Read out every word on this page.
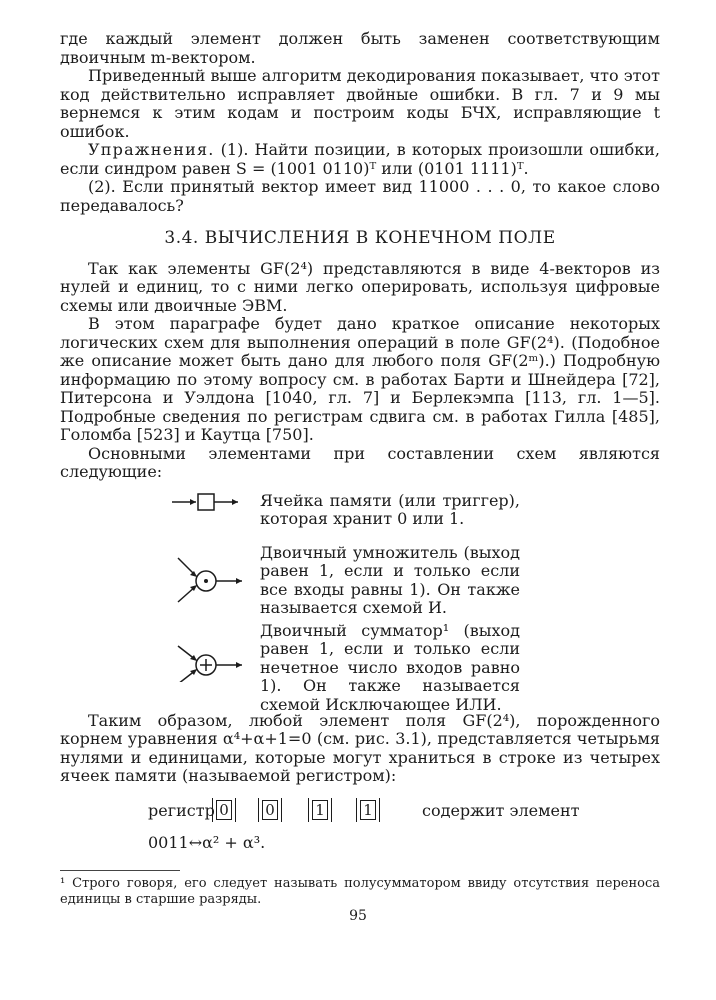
где каждый элемент должен быть заменен соответствующим двоичным m-вектором.

Приведенный выше алгоритм декодирования показывает, что этот код действительно исправляет двойные ошибки. В гл. 7 и 9 мы вернемся к этим кодам и построим коды БЧХ, исправляющие t ошибок.

Упражнения. (1). Найти позиции, в которых произошли ошибки, если синдром равен S = (1001 0110)ᵀ или (0101 1111)ᵀ.

(2). Если принятый вектор имеет вид 11000 . . . 0, то какое слово передавалось?

3.4. ВЫЧИСЛЕНИЯ В КОНЕЧНОМ ПОЛЕ

Так как элементы GF(2⁴) представляются в виде 4-векторов из нулей и единиц, то с ними легко оперировать, используя цифровые схемы или двоичные ЭВМ.

В этом параграфе будет дано краткое описание некоторых логических схем для выполнения операций в поле GF(2⁴). (Подобное же описание может быть дано для любого поля GF(2ᵐ).) Подробную информацию по этому вопросу см. в работах Барти и Шнейдера [72], Питерсона и Уэлдона [1040, гл. 7] и Берлекэмпа [113, гл. 1—5]. Подробные сведения по регистрам сдвига см. в работах Гилла [485], Голомба [523] и Каутца [750].

Основными элементами при составлении схем являются следующие:

Ячейка памяти (или триггер), которая хранит 0 или 1.

Двоичный умножитель (выход равен 1, если и только если все входы равны 1). Он также называется схемой И.

Двоичный сумматор¹ (выход равен 1, если и только если нечетное число входов равно 1). Он также называется схемой Исключающее ИЛИ.

Таким образом, любой элемент поля GF(2⁴), порожденного корнем уравнения α⁴+α+1=0 (см. рис. 3.1), представляется четырьмя нулями и единицами, которые могут храниться в строке из четырех ячеек памяти (называемой регистром):

регистр 0	0	1	1	содержит элемент
0011↔α² + α³.

¹ Строго говоря, его следует называть полусумматором ввиду отсутствия переноса единицы в старшие разряды.

95
